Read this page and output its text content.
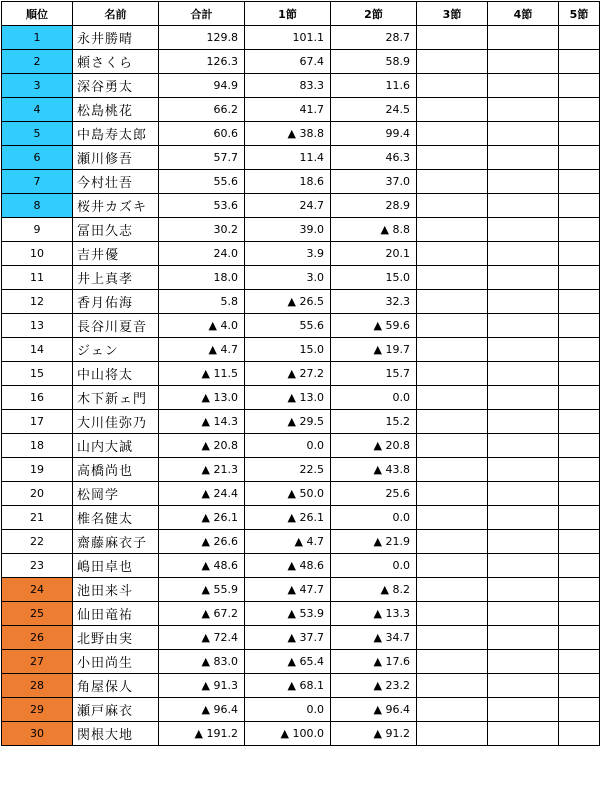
順位	名前	合計	1節	2節	3節	4節	5節
1	永井勝晴	129.8	101.1	28.7			
2	頼さくら	126.3	67.4	58.9			
3	深谷勇太	94.9	83.3	11.6			
4	松島桃花	66.2	41.7	24.5			
5	中島寿太郎	60.6	▲ 38.8	99.4			
6	瀬川修吾	57.7	11.4	46.3			
7	今村壮吾	55.6	18.6	37.0			
8	桜井カズキ	53.6	24.7	28.9			
9	冨田久志	30.2	39.0	▲ 8.8			
10	吉井優	24.0	3.9	20.1			
11	井上真孝	18.0	3.0	15.0			
12	香月佑海	5.8	▲ 26.5	32.3			
13	長谷川夏音	▲ 4.0	55.6	▲ 59.6			
14	ジェン	▲ 4.7	15.0	▲ 19.7			
15	中山将太	▲ 11.5	▲ 27.2	15.7			
16	木下新ェ門	▲ 13.0	▲ 13.0	0.0			
17	大川佳弥乃	▲ 14.3	▲ 29.5	15.2			
18	山内大誠	▲ 20.8	0.0	▲ 20.8			
19	高橋尚也	▲ 21.3	22.5	▲ 43.8			
20	松岡学	▲ 24.4	▲ 50.0	25.6			
21	椎名健太	▲ 26.1	▲ 26.1	0.0			
22	齋藤麻衣子	▲ 26.6	▲ 4.7	▲ 21.9			
23	嶋田卓也	▲ 48.6	▲ 48.6	0.0			
24	池田来斗	▲ 55.9	▲ 47.7	▲ 8.2			
25	仙田竜祐	▲ 67.2	▲ 53.9	▲ 13.3			
26	北野由実	▲ 72.4	▲ 37.7	▲ 34.7			
27	小田尚生	▲ 83.0	▲ 65.4	▲ 17.6			
28	角屋保人	▲ 91.3	▲ 68.1	▲ 23.2			
29	瀬戸麻衣	▲ 96.4	0.0	▲ 96.4			
30	関根大地	▲ 191.2	▲ 100.0	▲ 91.2			
